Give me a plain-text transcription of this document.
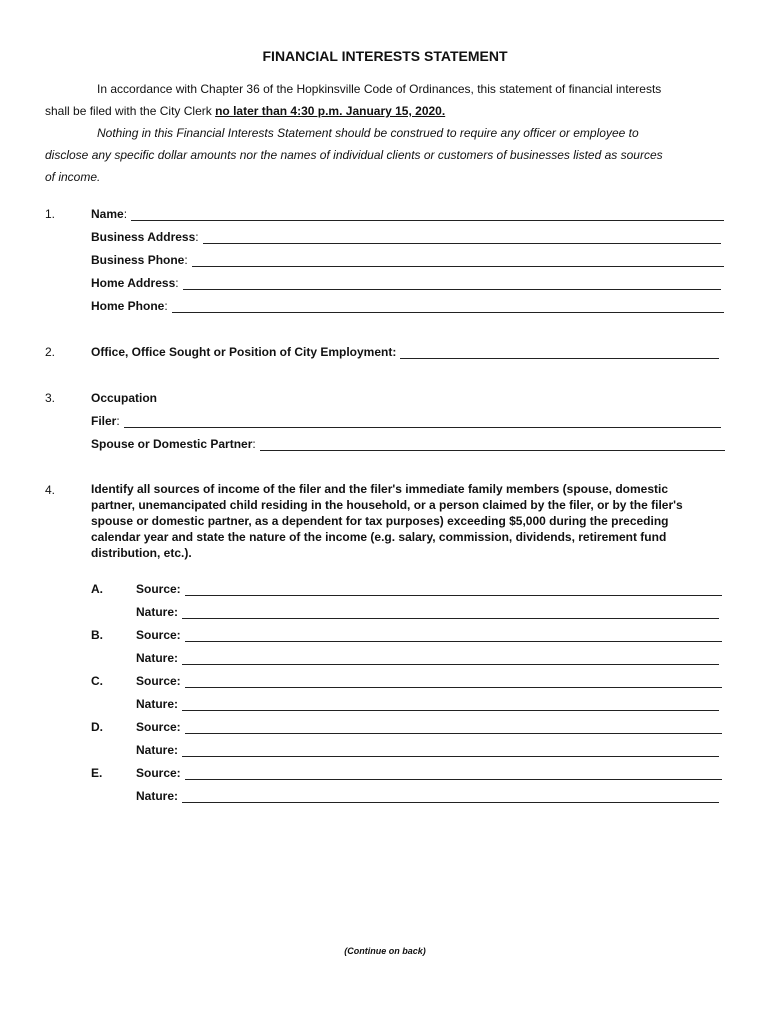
FINANCIAL INTERESTS STATEMENT
In accordance with Chapter 36 of the Hopkinsville Code of Ordinances, this statement of financial interests
shall be filed with the City Clerk no later than 4:30 p.m. January 15, 2020.
Nothing in this Financial Interests Statement should be construed to require any officer or employee to
disclose any specific dollar amounts nor the names of individual clients or customers of businesses listed as sources
of income.
1.	Name :
Business Address :
Business Phone :
Home Address :
Home Phone :
2.	Office, Office Sought or Position of City Employment:
3.	Occupation
Filer :
Spouse or Domestic Partner :
4.	Identify all sources of income of the filer and the filer's immediate family members (spouse, domestic partner, unemancipated child residing in the household, or a person claimed by the filer, or by the filer's spouse or domestic partner, as a dependent for tax purposes) exceeding $5,000 during the preceding calendar year and state the nature of the income (e.g. salary, commission, dividends, retirement fund distribution, etc.).
A.	Source:
Nature:
B.	Source:
Nature:
C.	Source:
Nature:
D.	Source:
Nature:
E.	Source:
Nature:
(Continue on back)
